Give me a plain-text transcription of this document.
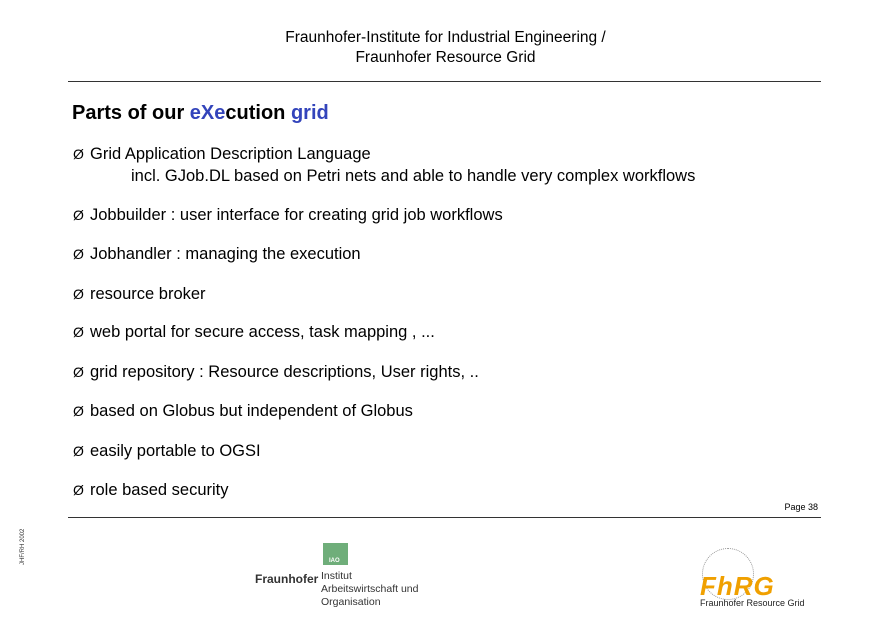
Fraunhofer-Institute for Industrial Engineering /
Fraunhofer Resource Grid
Parts of our eXecution grid
Ø Grid Application Description Language
incl. GJob.DL based on Petri nets and able to handle very complex workflows
Ø Jobbuilder : user interface for creating grid job workflows
Ø Jobhandler : managing the execution
Ø resource broker
Ø web portal for secure access, task mapping , ...
Ø grid repository : Resource descriptions, User rights, ..
Ø based on Globus but independent of Globus
Ø easily portable to OGSI
Ø role based security
Page 38
JHF/RH 2002	IAO
Fraunhofer Institut
Arbeitswirtschaft und
Organisation
FhRG
Fraunhofer Resource Grid
